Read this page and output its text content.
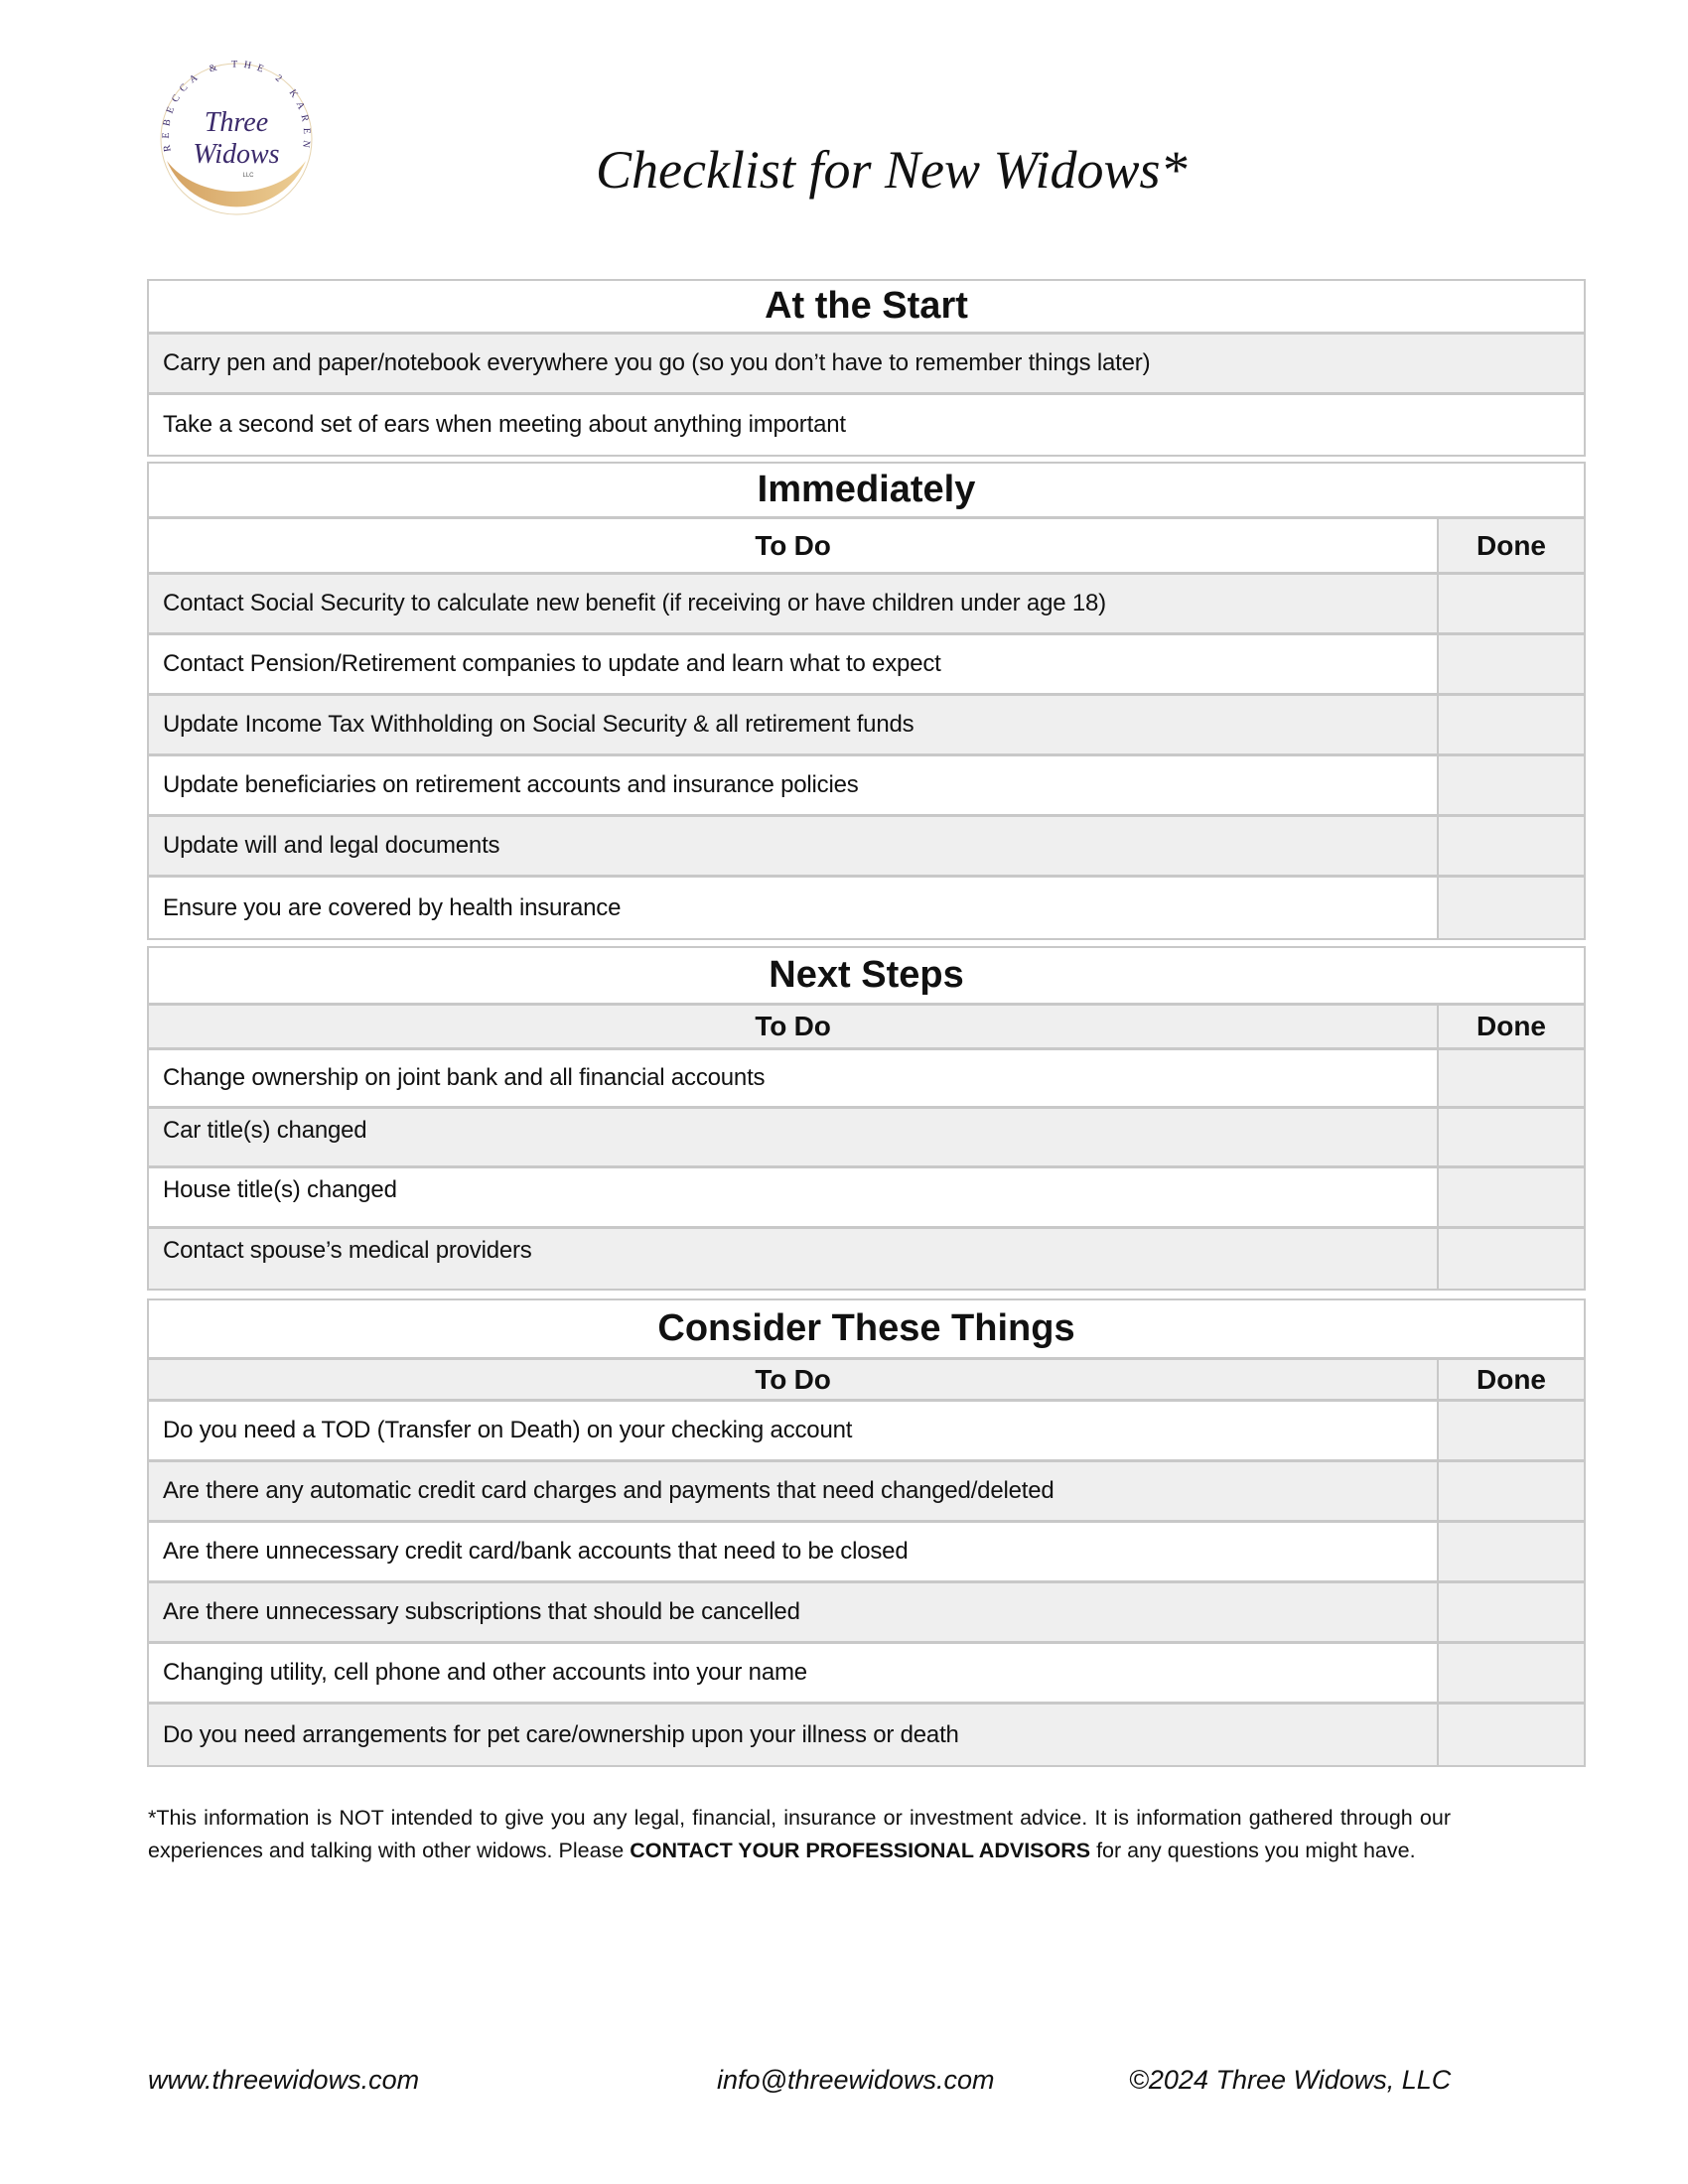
REBECCA & THE 2 KAREN
Three
Widows
LLC	Checklist for New Widows*
At the Start
Carry pen and paper/notebook everywhere you go (so you don’t have to remember things later)
Take a second set of ears when meeting about anything important
Immediately
To Do	Done
Contact Social Security to calculate new benefit (if receiving or have children under age 18)
Contact Pension/Retirement companies to update and learn what to expect
Update Income Tax Withholding on Social Security & all retirement funds
Update beneficiaries on retirement accounts and insurance policies
Update will and legal documents
Ensure you are covered by health insurance
Next Steps
To Do	Done
Change ownership on joint bank and all financial accounts
Car title(s) changed
House title(s) changed
Contact spouse’s medical providers
Consider These Things
To Do	Done
Do you need a TOD (Transfer on Death) on your checking account
Are there any automatic credit card charges and payments that need changed/deleted
Are there unnecessary credit card/bank accounts that need to be closed
Are there unnecessary subscriptions that should be cancelled
Changing utility, cell phone and other accounts into your name
Do you need arrangements for pet care/ownership upon your illness or death
*This information is NOT intended to give you any legal, financial, insurance or investment advice. It is information gathered through our experiences and talking with other widows. Please CONTACT YOUR PROFESSIONAL ADVISORS for any questions you might have.
www.threewidows.com	info@threewidows.com	©2024 Three Widows, LLC
